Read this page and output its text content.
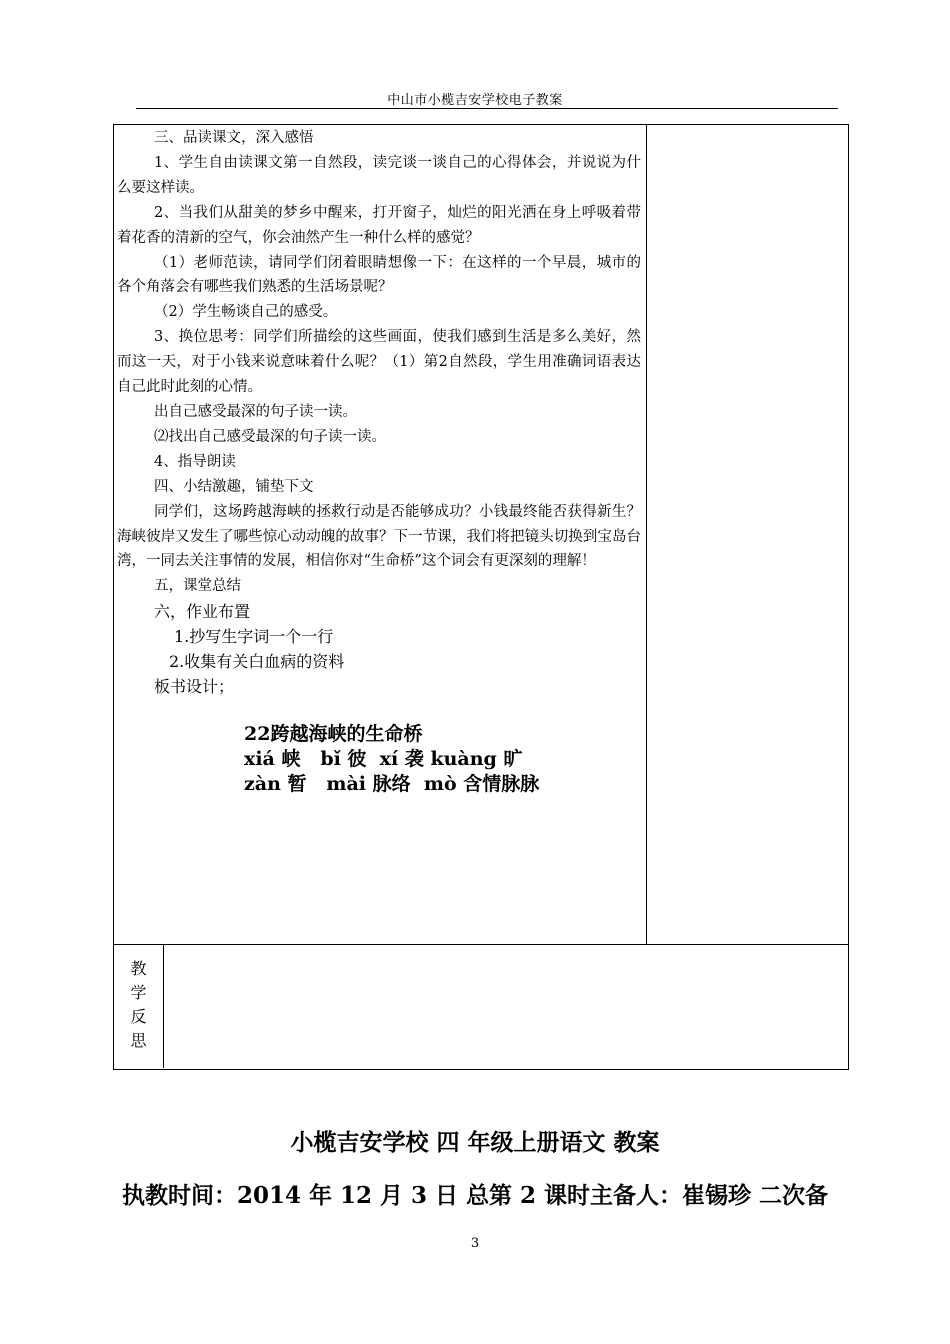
中山市小榄吉安学校电子教案

三、品读课文，深入感悟

1、学生自由读课文第一自然段，读完谈一谈自己的心得体会，并说说为什么要这样读。

2、当我们从甜美的梦乡中醒来，打开窗子，灿烂的阳光洒在身上呼吸着带着花香的清新的空气，你会油然产生一种什么样的感觉？

（1）老师范读，请同学们闭着眼睛想像一下：在这样的一个早晨，城市的各个角落会有哪些我们熟悉的生活场景呢？

（2）学生畅谈自己的感受。

3、换位思考：同学们所描绘的这些画面，使我们感到生活是多么美好，然而这一天，对于小钱来说意味着什么呢？（1）第2自然段，学生用准确词语表达自己此时此刻的心情。

出自己感受最深的句子读一读。

⑵找出自己感受最深的句子读一读。

4、指导朗读

四、小结激趣，铺垫下文

同学们，这场跨越海峡的拯救行动是否能够成功？小钱最终能否获得新生？海峡彼岸又发生了哪些惊心动动魄的故事？下一节课，我们将把镜头切换到宝岛台湾，一同去关注事情的发展，相信你对“生命桥”这个词会有更深刻的理解！

五，课堂总结

六，作业布置

1.抄写生字词一个一行

2.收集有关白血病的资料

板书设计；

22跨越海峡的生命桥
xiá 峡   bǐ 彼  xí 袭 kuàng 旷
zàn 暂   mài 脉络  mò 含情脉脉
教
学
反
思
小榄吉安学校 四 年级上册语文 教案
执教时间：2014 年 12 月 3 日 总第 2 课时主备人：崔锡珍 二次备
3
